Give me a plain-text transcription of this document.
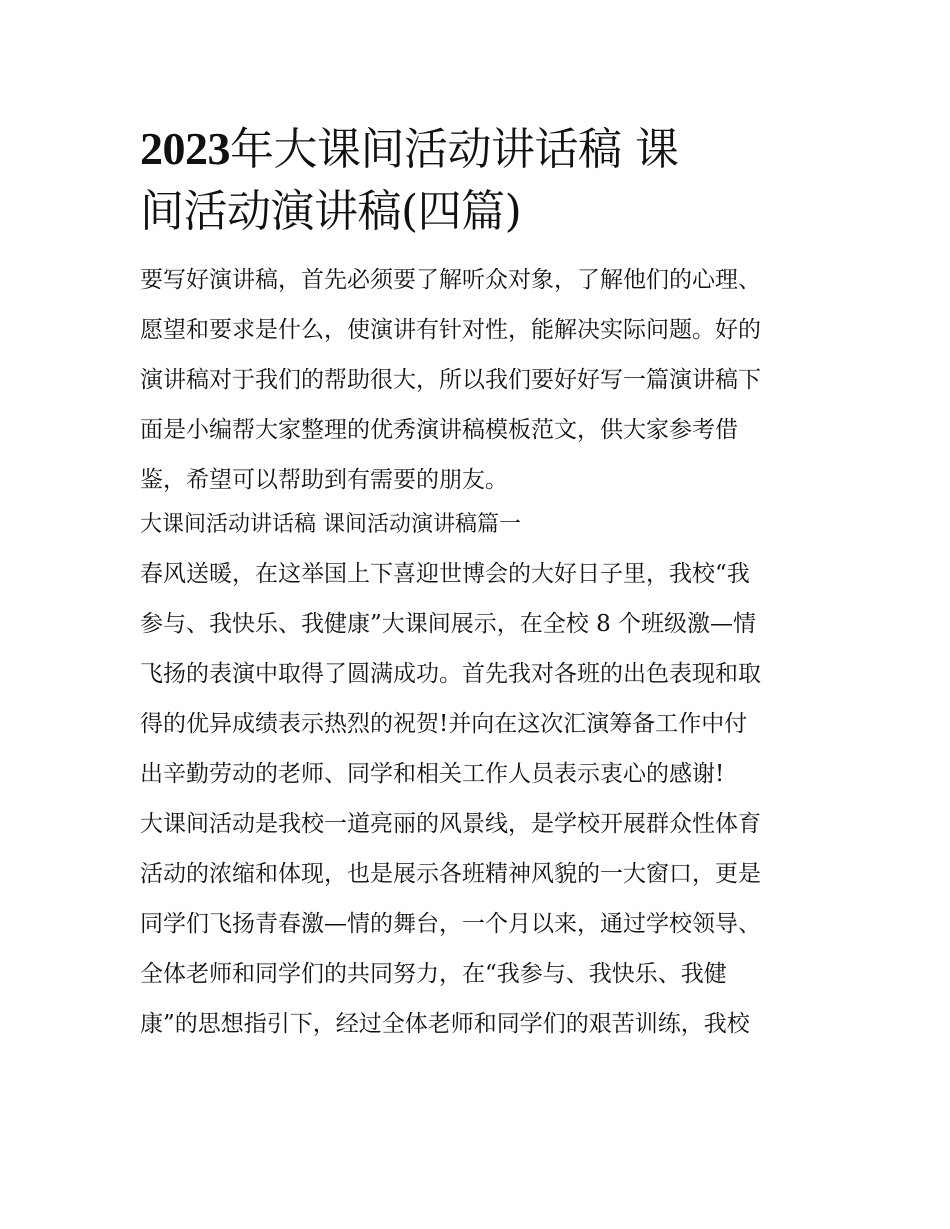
2023年大课间活动讲话稿 课
间活动演讲稿(四篇)
要写好演讲稿，首先必须要了解听众对象，了解他们的心理、
愿望和要求是什么，使演讲有针对性，能解决实际问题。好的
演讲稿对于我们的帮助很大，所以我们要好好写一篇演讲稿下
面是小编帮大家整理的优秀演讲稿模板范文，供大家参考借
鉴，希望可以帮助到有需要的朋友。
大课间活动讲话稿 课间活动演讲稿篇一
春风送暖，在这举国上下喜迎世博会的大好日子里，我校“我
参与、我快乐、我健康”大课间展示，在全校 8 个班级激—情
飞扬的表演中取得了圆满成功。首先我对各班的出色表现和取
得的优异成绩表示热烈的祝贺!并向在这次汇演筹备工作中付
出辛勤劳动的老师、同学和相关工作人员表示衷心的感谢!
大课间活动是我校一道亮丽的风景线，是学校开展群众性体育
活动的浓缩和体现，也是展示各班精神风貌的一大窗口，更是
同学们飞扬青春激—情的舞台，一个月以来，通过学校领导、
全体老师和同学们的共同努力，在“我参与、我快乐、我健
康”的思想指引下，经过全体老师和同学们的艰苦训练，我校
